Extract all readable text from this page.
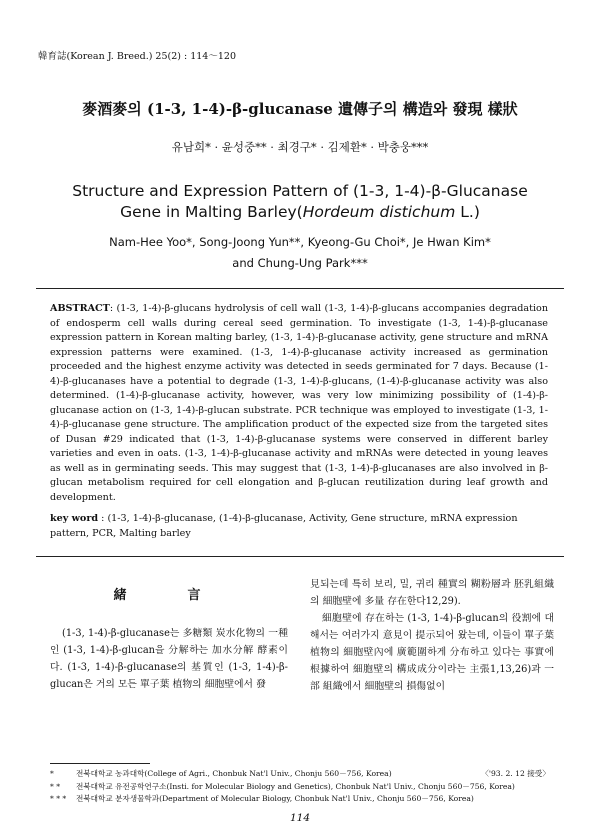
韓育誌(Korean J. Breed.) 25(2) : 114～120
麥酒麥의 (1-3, 1-4)-β-glucanase 遺傳子의 構造와 發現 樣狀
유남희* · 윤성중** · 최경구* · 김제환* · 박충웅***
Structure and Expression Pattern of (1-3, 1-4)-β-Glucanase
Gene in Malting Barley(Hordeum distichum L.)
Nam-Hee Yoo*, Song-Joong Yun**, Kyeong-Gu Choi*, Je Hwan Kim*
and Chung-Ung Park***
ABSTRACT: (1-3, 1-4)-β-glucans hydrolysis of cell wall (1-3, 1-4)-β-glucans accompanies degradation of endosperm cell walls during cereal seed germination. To investigate (1-3, 1-4)-β-glucanase expression pattern in Korean malting barley, (1-3, 1-4)-β-glucanase activity, gene structure and mRNA expression patterns were examined. (1-3, 1-4)-β-glucanase activity increased as germination proceeded and the highest enzyme activity was detected in seeds germinated for 7 days. Because (1-4)-β-glucanases have a potential to degrade (1-3, 1-4)-β-glucans, (1-4)-β-glucanase activity was also determined. (1-4)-β-glucanase activity, however, was very low minimizing possibility of (1-4)-β-glucanase action on (1-3, 1-4)-β-glucan substrate. PCR technique was employed to investigate (1-3, 1-4)-β-glucanase gene structure. The amplification product of the expected size from the targeted sites of Dusan #29 indicated that (1-3, 1-4)-β-glucanase systems were conserved in different barley varieties and even in oats. (1-3, 1-4)-β-glucanase activity and mRNAs were detected in young leaves as well as in germinating seeds. This may suggest that (1-3, 1-4)-β-glucanases are also involved in β-glucan metabolism required for cell elongation and β-glucan reutilization during leaf growth and development.
key word : (1-3, 1-4)-β-glucanase, (1-4)-β-glucanase, Activity, Gene structure, mRNA expression pattern, PCR, Malting barley
緒　言

(1-3, 1-4)-β-glucanase는 多糖類 炭水化物의 一種인 (1-3, 1-4)-β-glucan을 分解하는 加水分解 酵素이다. (1-3, 1-4)-β-glucanase의 基質인 (1-3, 1-4)-β-glucan은 거의 모든 單子葉 植物의 細胞壁에서 發

見되는데 특히 보리, 밀, 귀리 種實의 糊粉層과 胚乳組織의 細胞壁에 多量 存在한다12,29).

細胞壁에 存在하는 (1-3, 1-4)-β-glucan의 役割에 대해서는 여러가지 意見이 提示되어 왔는데, 이들이 單子葉植物의 細胞壁內에 廣範圍하게 分布하고 있다는 事實에 根據하여 細胞壁의 構成成分이라는 主張1,13,26)과 一部 組織에서 細胞壁의 損傷없이

*	전북대학교 농과대학(College of Agri., Chonbuk Nat'l Univ., Chonju 560－756, Korea)	〈'93. 2. 12 接受〉
* *	전북대학교 유전공학연구소(Insti. for Molecular Biology and Genetics), Chonbuk Nat'l Univ., Chonju 560－756, Korea)
* * *	전북대학교 분자생물학과(Department of Molecular Biology, Chonbuk Nat'l Univ., Chonju 560－756, Korea)
114
